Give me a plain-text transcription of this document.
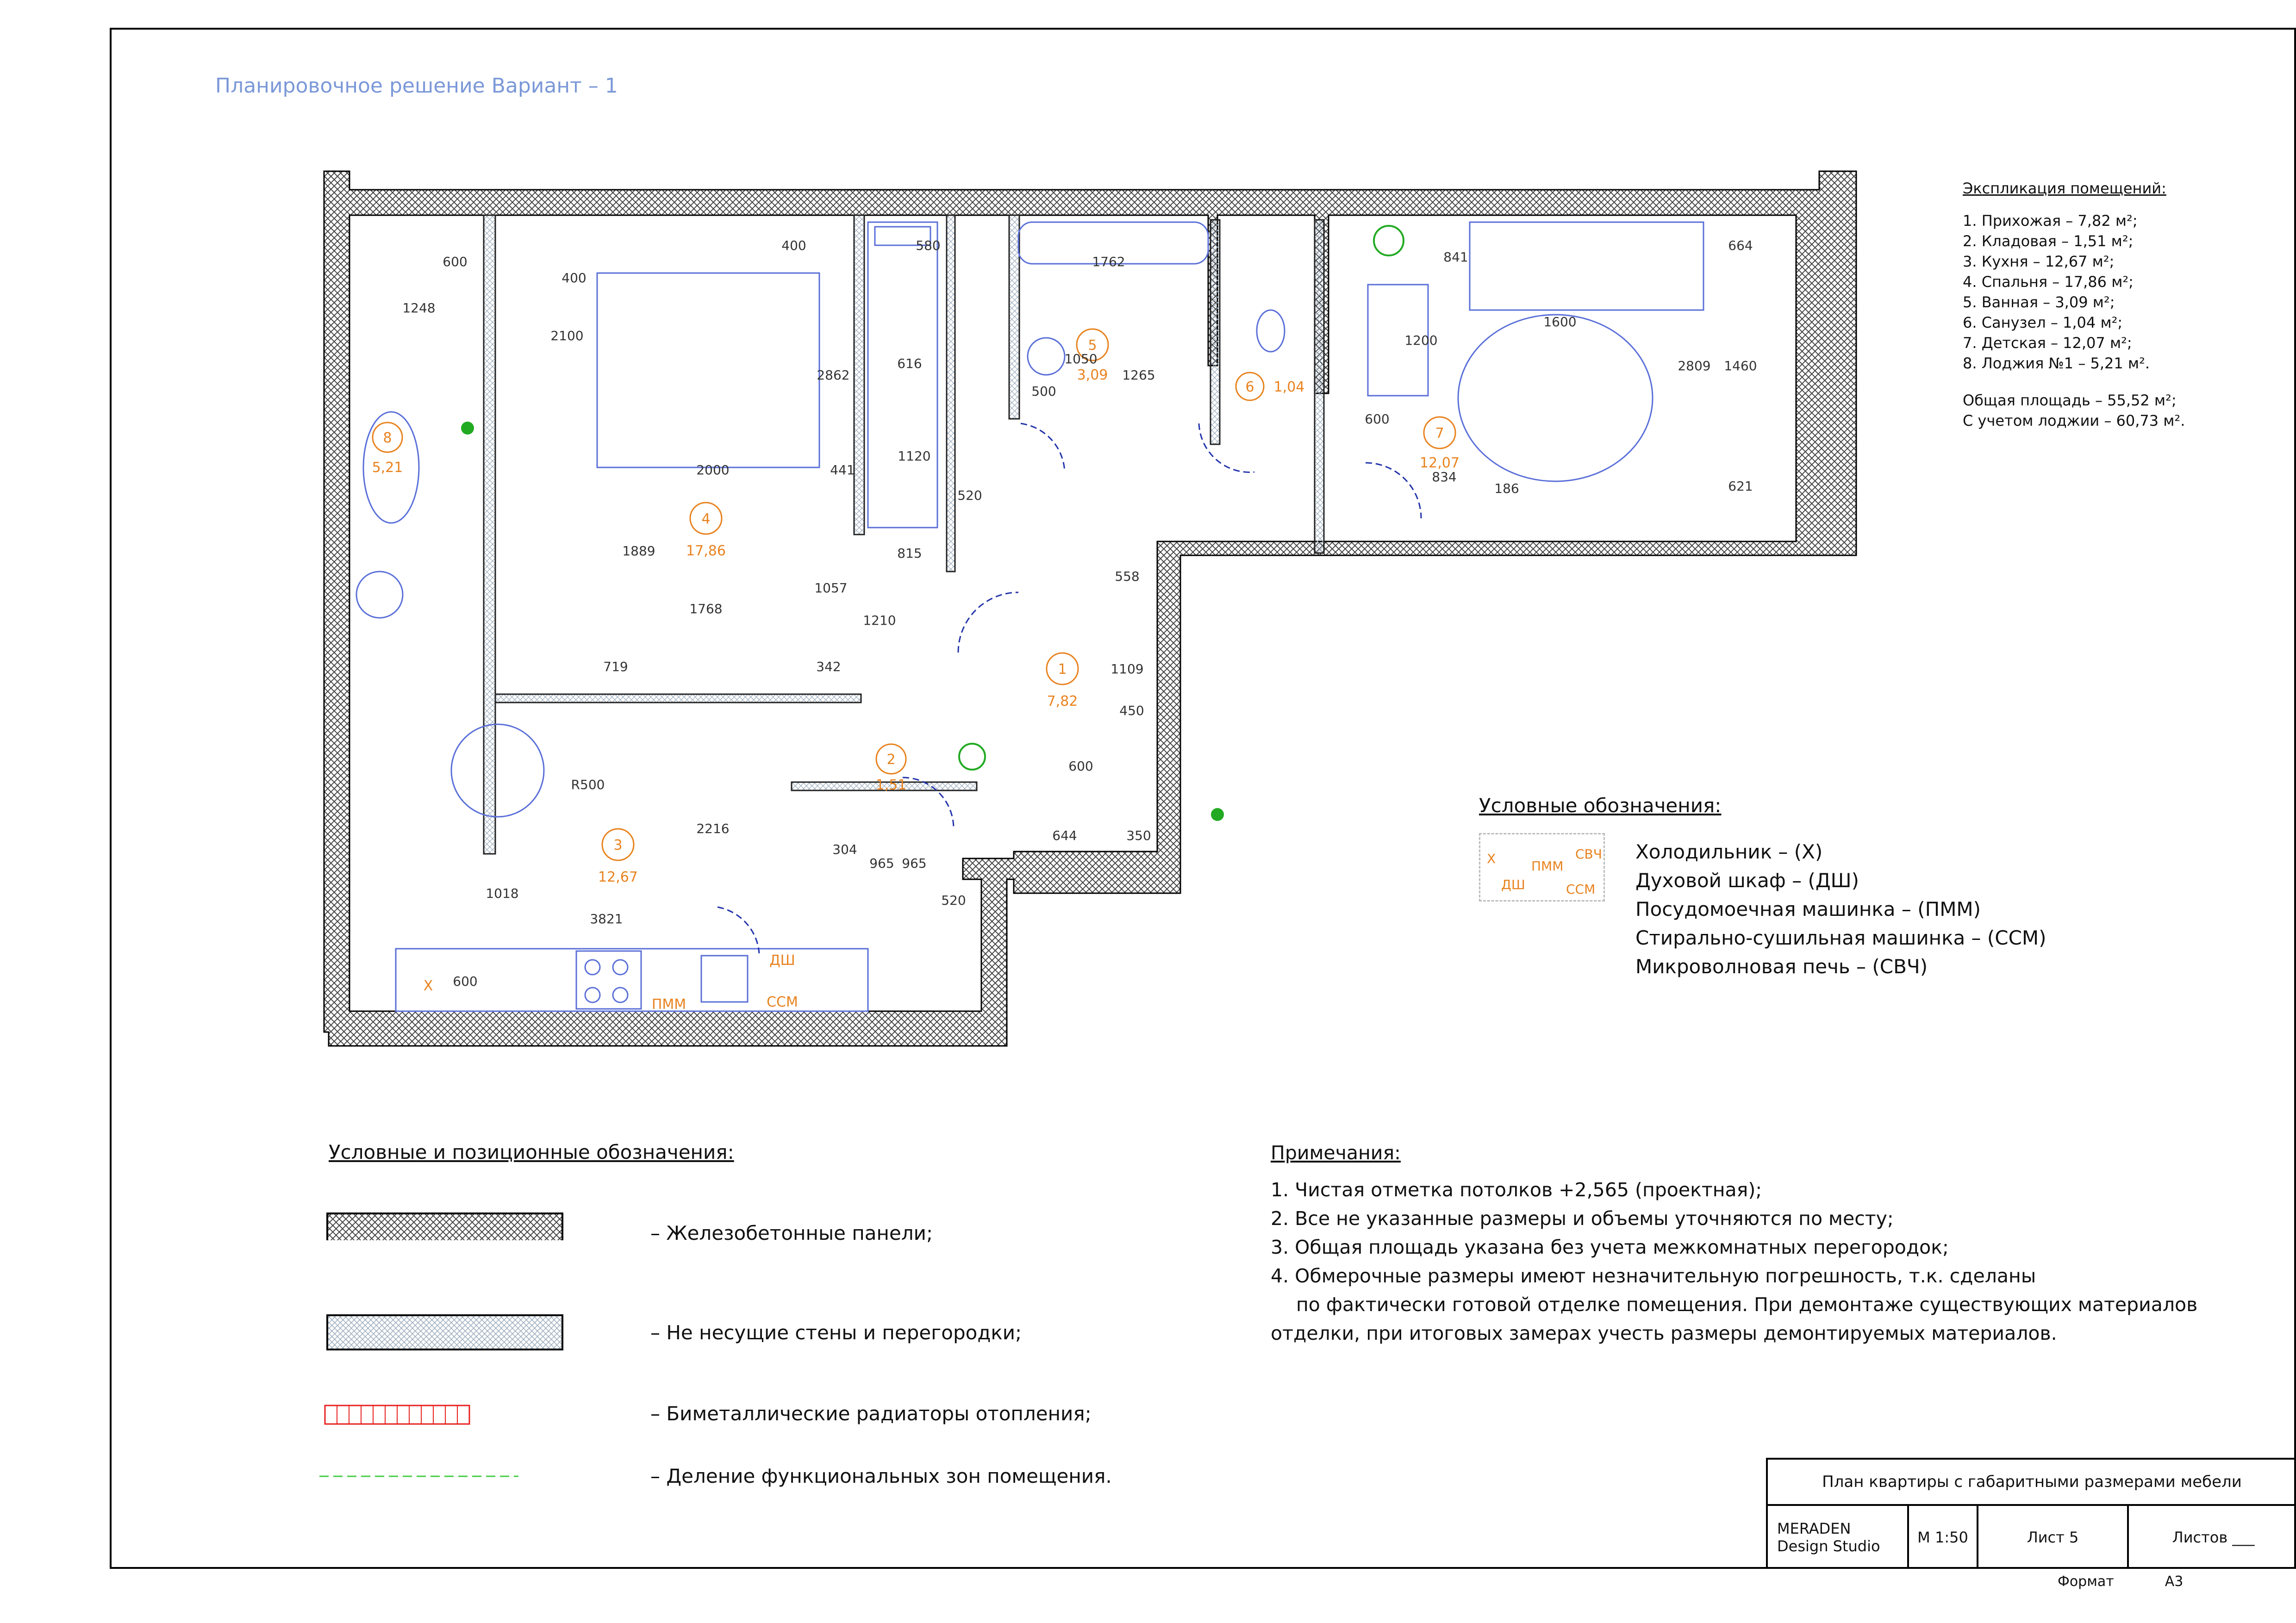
Планировочное решение Вариант – 1
1
7,82
2
1,51
3
12,67
4
17,86
5
3,09
6 1,04
7
12,07
8
5,21
600
1248
400
2100
2000	441
2862
400	580
616
1120
520
815
1889
1768
1057
1210
342
719
1762
1050
1265
500
841
1200
600
834
186
1600
2809 1460
664
621
558
1109
450
600
644	350
R500
2216
1018
3821
600
304
965 965
520
Х
ДШ
ПММ	ССМ
Экспликация помещений:
1. Прихожая – 7,82 м²;
2. Кладовая – 1,51 м²;
3. Кухня – 12,67 м²;
4. Спальня – 17,86 м²;
5. Ванная – 3,09 м²;
6. Санузел – 1,04 м²;
7. Детская – 12,07 м²;
8. Лоджия №1 – 5,21 м².
Общая площадь – 55,52 м²;
С учетом лоджии – 60,73 м².
Условные обозначения:
Х	ПММ
СВЧ
ДШ	ССМ
Холодильник – (Х)
Духовой шкаф – (ДШ)
Посудомоечная машинка – (ПММ)
Стирально-сушильная машинка – (ССМ)
Микроволновая печь – (СВЧ)
Условные и позиционные обозначения:
– Железобетонные панели;
– Не несущие стены и перегородки;
– Биметаллические радиаторы отопления;
– Деление функциональных зон помещения.
Примечания:
1. Чистая отметка потолков +2,565 (проектная);
2. Все не указанные размеры и объемы уточняются по месту;
3. Общая площадь указана без учета межкомнатных перегородок;
4. Обмерочные размеры имеют незначительную погрешность, т.к. сделаны
по фактически готовой отделке помещения. При демонтаже существующих материалов
отделки, при итоговых замерах учесть размеры демонтируемых материалов.
План квартиры с габаритными размерами мебели
MERADEN
Design Studio	М 1:50	Лист 5	Листов ___
Формат	А3
